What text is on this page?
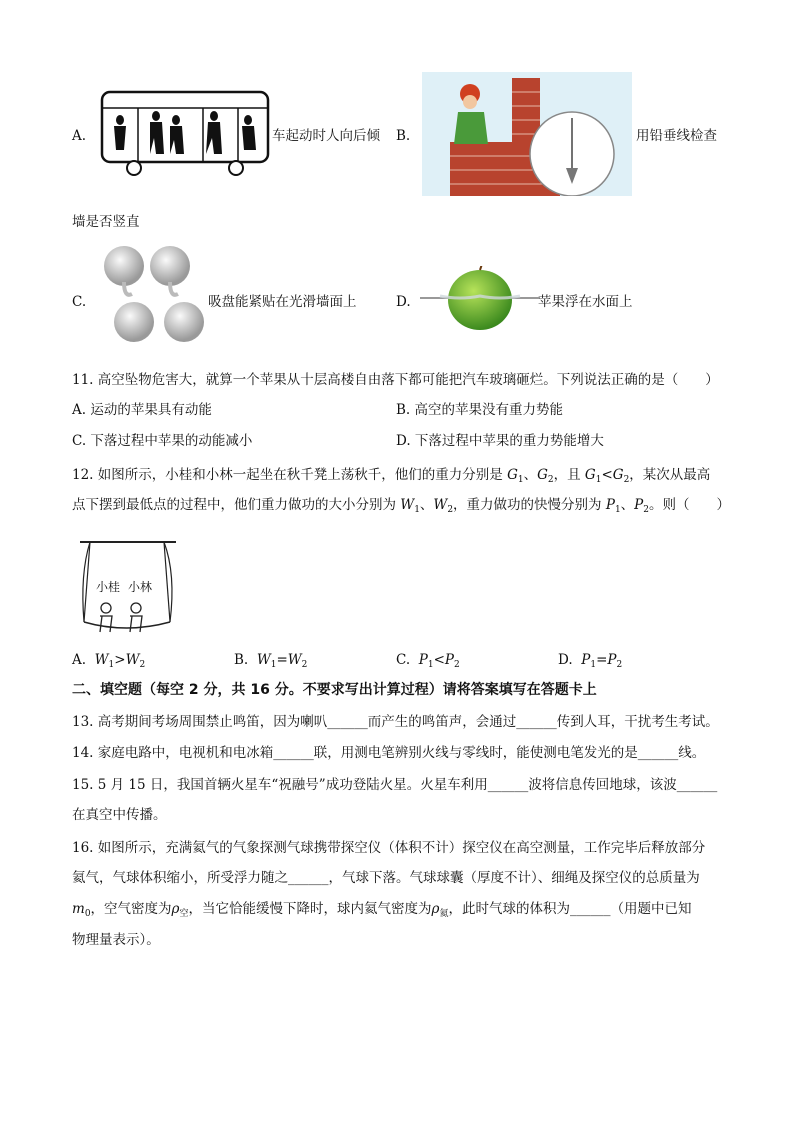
A.	车起动时人向后倾 B.	用铅垂线检查
墙是否竖直
C.	吸盘能紧贴在光滑墙面上	D.	苹果浮在水面上
11. 高空坠物危害大，就算一个苹果从十层高楼自由落下都可能把汽车玻璃砸烂。下列说法正确的是（　　）
A. 运动的苹果具有动能	B. 高空的苹果没有重力势能
C. 下落过程中苹果的动能减小	D. 下落过程中苹果的重力势能增大
12. 如图所示，小桂和小林一起坐在秋千凳上荡秋千，他们的重力分别是 $G_1$、$G_2$，且 $G_1<G_2$，某次从最高
点下摆到最低点的过程中，他们重力做功的大小分别为 $W_1$、$W_2$，重力做功的快慢分别为 $P_1$、$P_2$。则（　　）
小桂 小林
A. $W_1>W_2$	B. $W_1=W_2$	C. $P_1<P_2$	D. $P_1=P_2$
二、填空题（每空 2 分，共 16 分。不要求写出计算过程）请将答案填写在答题卡上
13. 高考期间考场周围禁止鸣笛，因为喇叭______而产生的鸣笛声，会通过______传到人耳，干扰考生考试。
14. 家庭电路中，电视机和电冰箱______联，用测电笔辨别火线与零线时，能使测电笔发光的是______线。
15. 5 月 15 日，我国首辆火星车“祝融号”成功登陆火星。火星车利用______波将信息传回地球，该波______
在真空中传播。
16. 如图所示，充满氦气的气象探测气球携带探空仪（体积不计）探空仪在高空测量，工作完毕后释放部分
氦气，气球体积缩小，所受浮力随之______，气球下落。气球球囊（厚度不计）、细绳及探空仪的总质量为
$m_0$，空气密度为$\rho_空$，当它恰能缓慢下降时，球内氦气密度为$\rho_氦$，此时气球的体积为______（用题中已知
物理量表示）。
